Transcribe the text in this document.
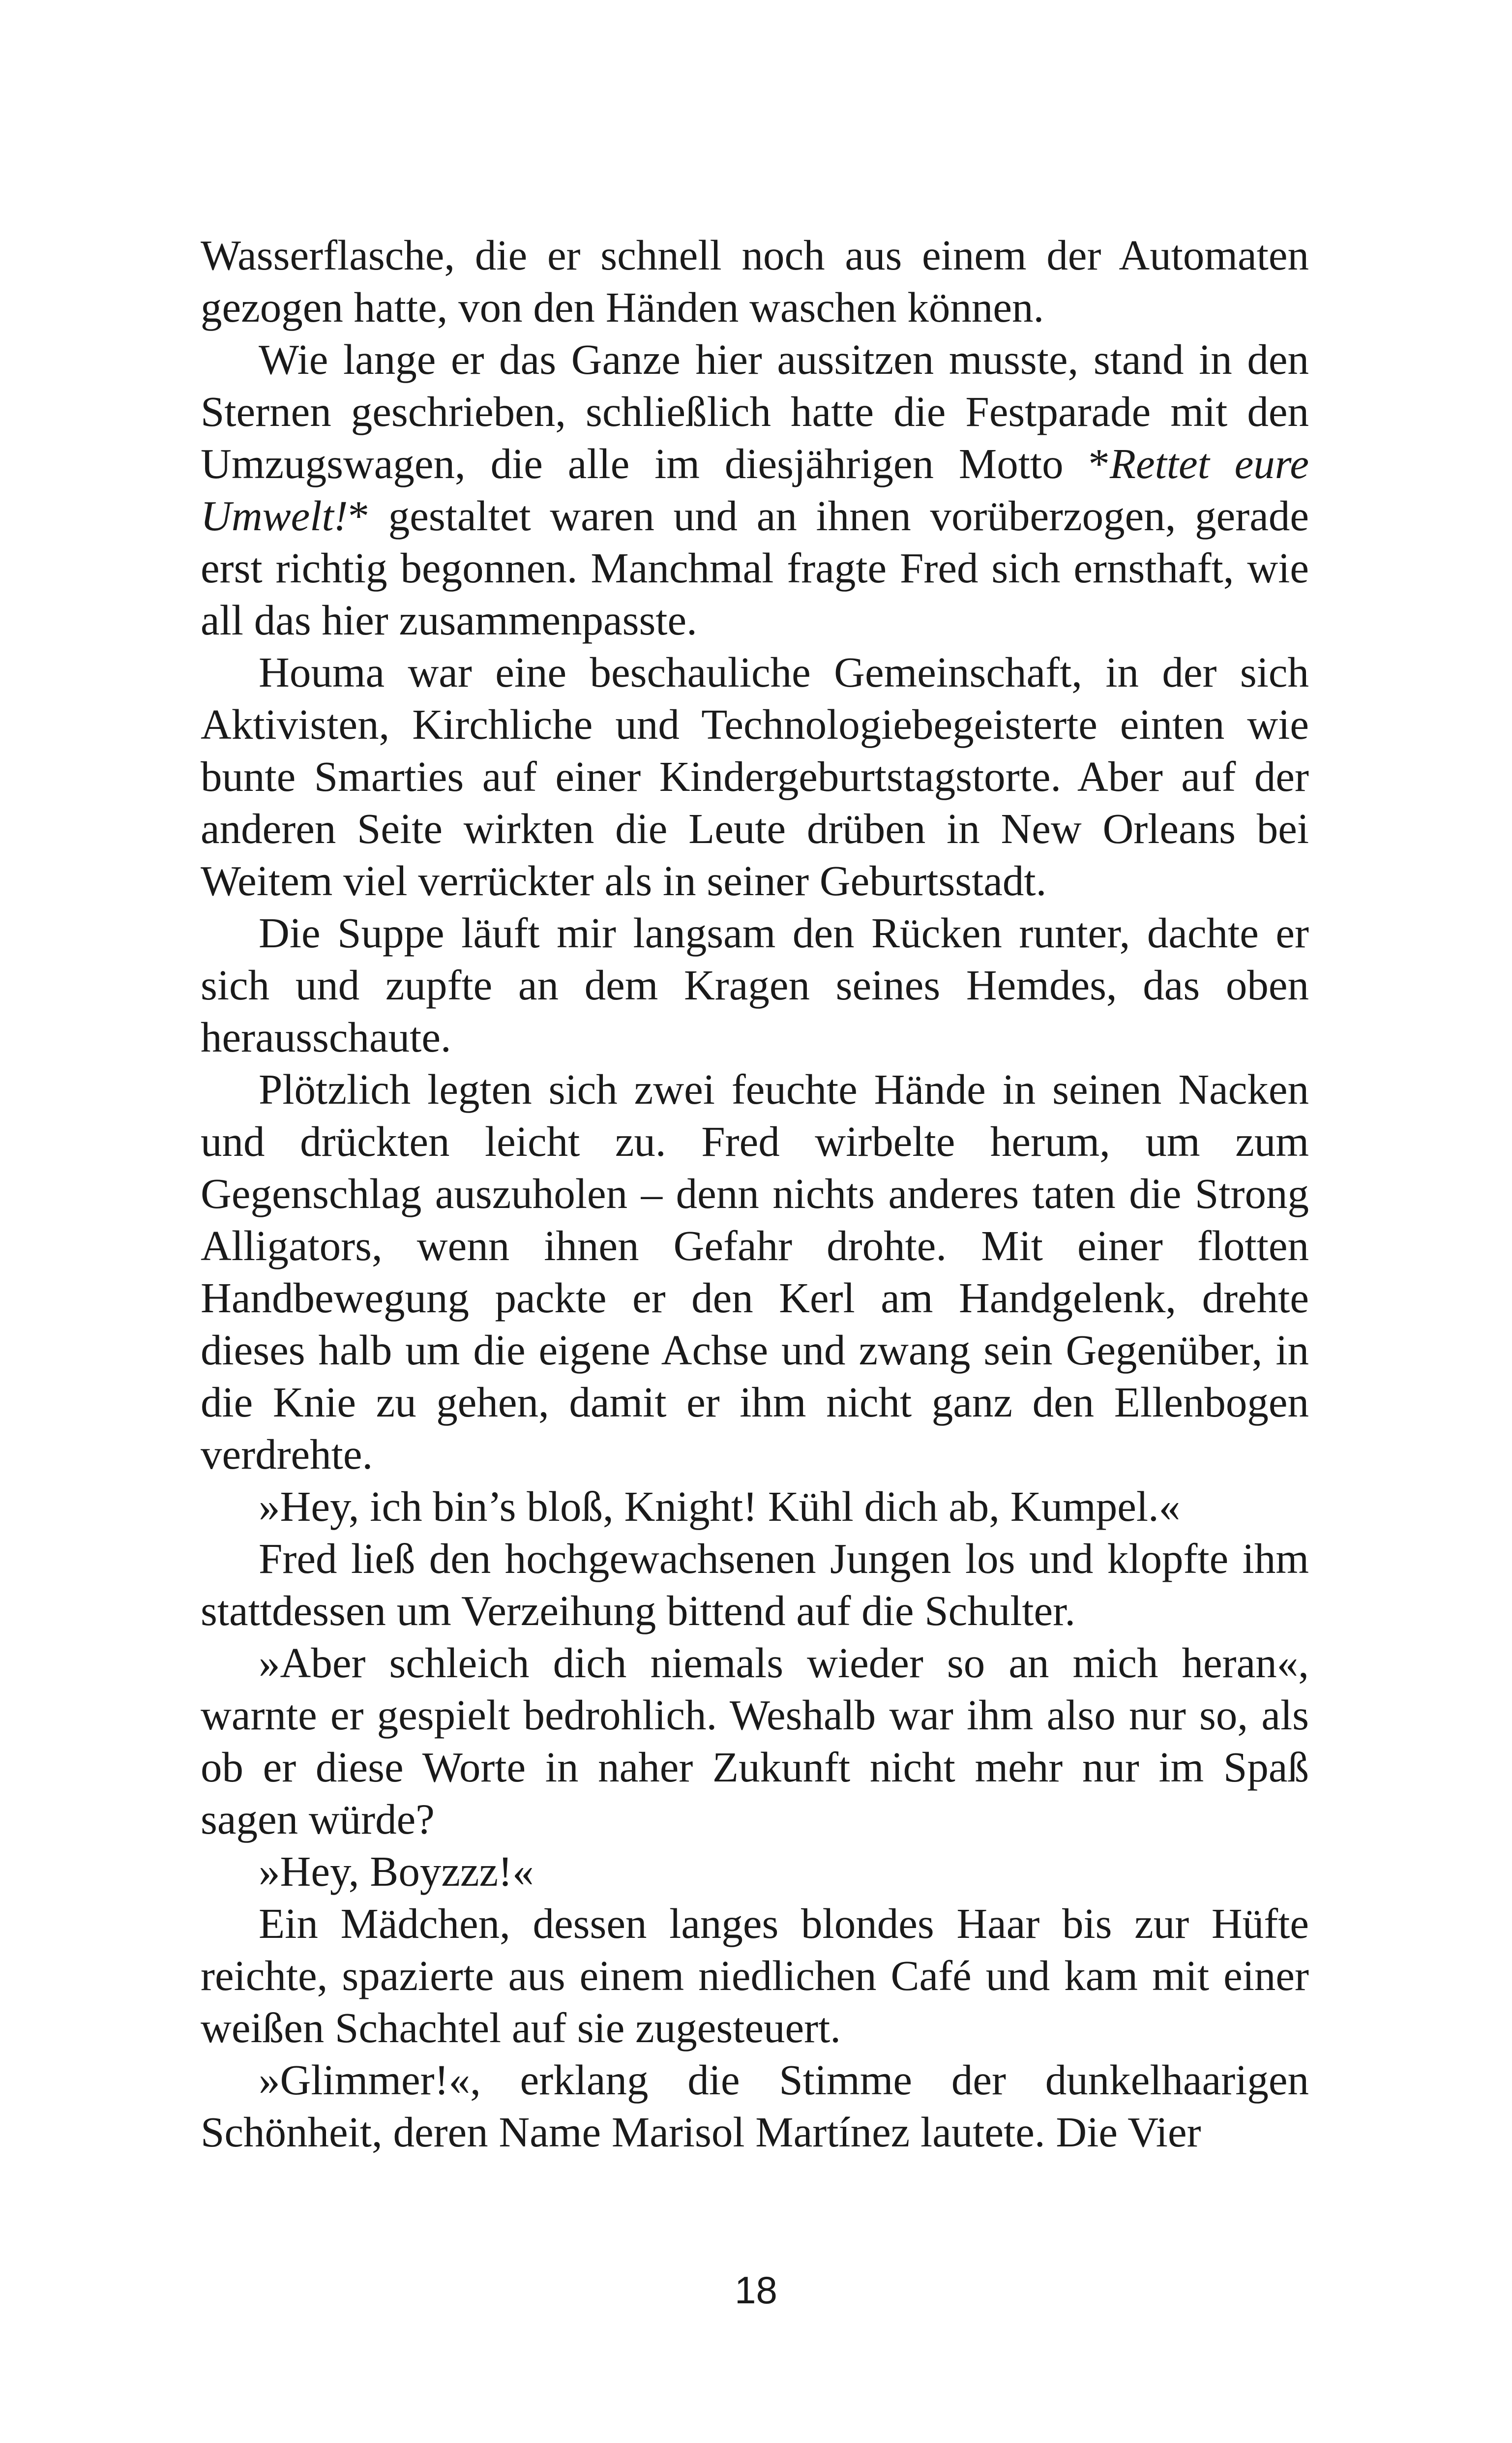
Wasserflasche, die er schnell noch aus einem der Automaten gezogen hatte, von den Händen waschen können.

Wie lange er das Ganze hier aussitzen musste, stand in den Sternen geschrieben, schließlich hatte die Festparade mit den Umzugswagen, die alle im diesjährigen Motto *Rettet eure Umwelt!* gestaltet waren und an ihnen vorüberzogen, gerade erst richtig begonnen. Manchmal fragte Fred sich ernsthaft, wie all das hier zusammenpasste.

Houma war eine beschauliche Gemeinschaft, in der sich Aktivisten, Kirchliche und Technologiebegeisterte einten wie bunte Smarties auf einer Kindergeburtstagstorte. Aber auf der anderen Seite wirkten die Leute drüben in New Orleans bei Weitem viel verrückter als in seiner Geburtsstadt.

Die Suppe läuft mir langsam den Rücken runter, dachte er sich und zupfte an dem Kragen seines Hemdes, das oben herausschaute.

Plötzlich legten sich zwei feuchte Hände in seinen Nacken und drückten leicht zu. Fred wirbelte herum, um zum Gegenschlag auszuholen – denn nichts anderes taten die Strong Alligators, wenn ihnen Gefahr drohte. Mit einer flotten Handbewegung packte er den Kerl am Handgelenk, drehte dieses halb um die eigene Achse und zwang sein Gegenüber, in die Knie zu gehen, damit er ihm nicht ganz den Ellenbogen verdrehte.

»Hey, ich bin’s bloß, Knight! Kühl dich ab, Kumpel.«

Fred ließ den hochgewachsenen Jungen los und klopfte ihm stattdessen um Verzeihung bittend auf die Schulter.

»Aber schleich dich niemals wieder so an mich heran«, warnte er gespielt bedrohlich. Weshalb war ihm also nur so, als ob er diese Worte in naher Zukunft nicht mehr nur im Spaß sagen würde?

»Hey, Boyzzz!«

Ein Mädchen, dessen langes blondes Haar bis zur Hüfte reichte, spazierte aus einem niedlichen Café und kam mit einer weißen Schachtel auf sie zugesteuert.

»Glimmer!«, erklang die Stimme der dunkelhaarigen Schönheit, deren Name Marisol Martínez lautete. Die Vier

18
